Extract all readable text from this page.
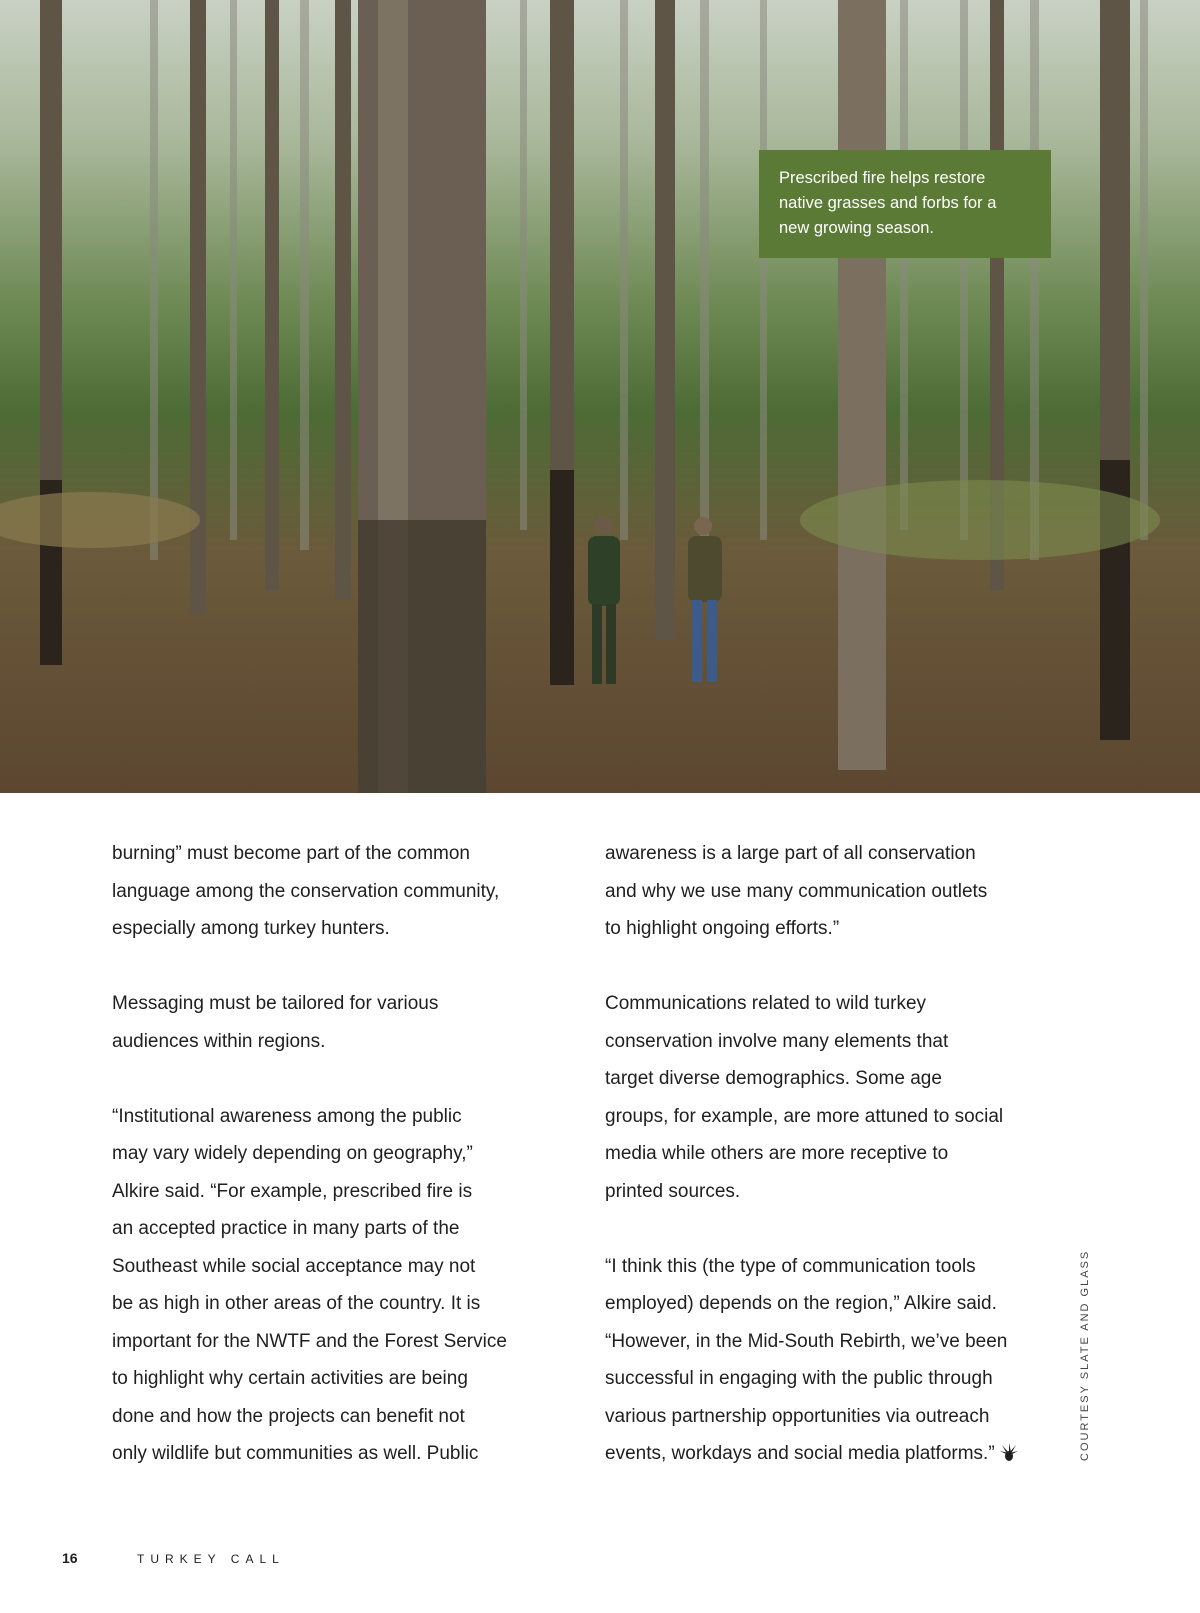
Prescribed fire helps restore native grasses and forbs for a new growing season.

burning” must become part of the common
language among the conservation community,
especially among turkey hunters.

Messaging must be tailored for various
audiences within regions.

“Institutional awareness among the public
may vary widely depending on geography,”
Alkire said. “For example, prescribed fire is
an accepted practice in many parts of the
Southeast while social acceptance may not
be as high in other areas of the country. It is
important for the NWTF and the Forest Service
to highlight why certain activities are being
done and how the projects can benefit not
only wildlife but communities as well. Public

awareness is a large part of all conservation
and why we use many communication outlets
to highlight ongoing efforts.”

Communications related to wild turkey
conservation involve many elements that
target diverse demographics. Some age
groups, for example, are more attuned to social
media while others are more receptive to
printed sources.

“I think this (the type of communication tools
employed) depends on the region,” Alkire said.
“However, in the Mid-South Rebirth, we’ve been
successful in engaging with the public through
various partnership opportunities via outreach
events, workdays and social media platforms.”	COURTESY SLATE AND GLASS
16	TURKEY CALL
